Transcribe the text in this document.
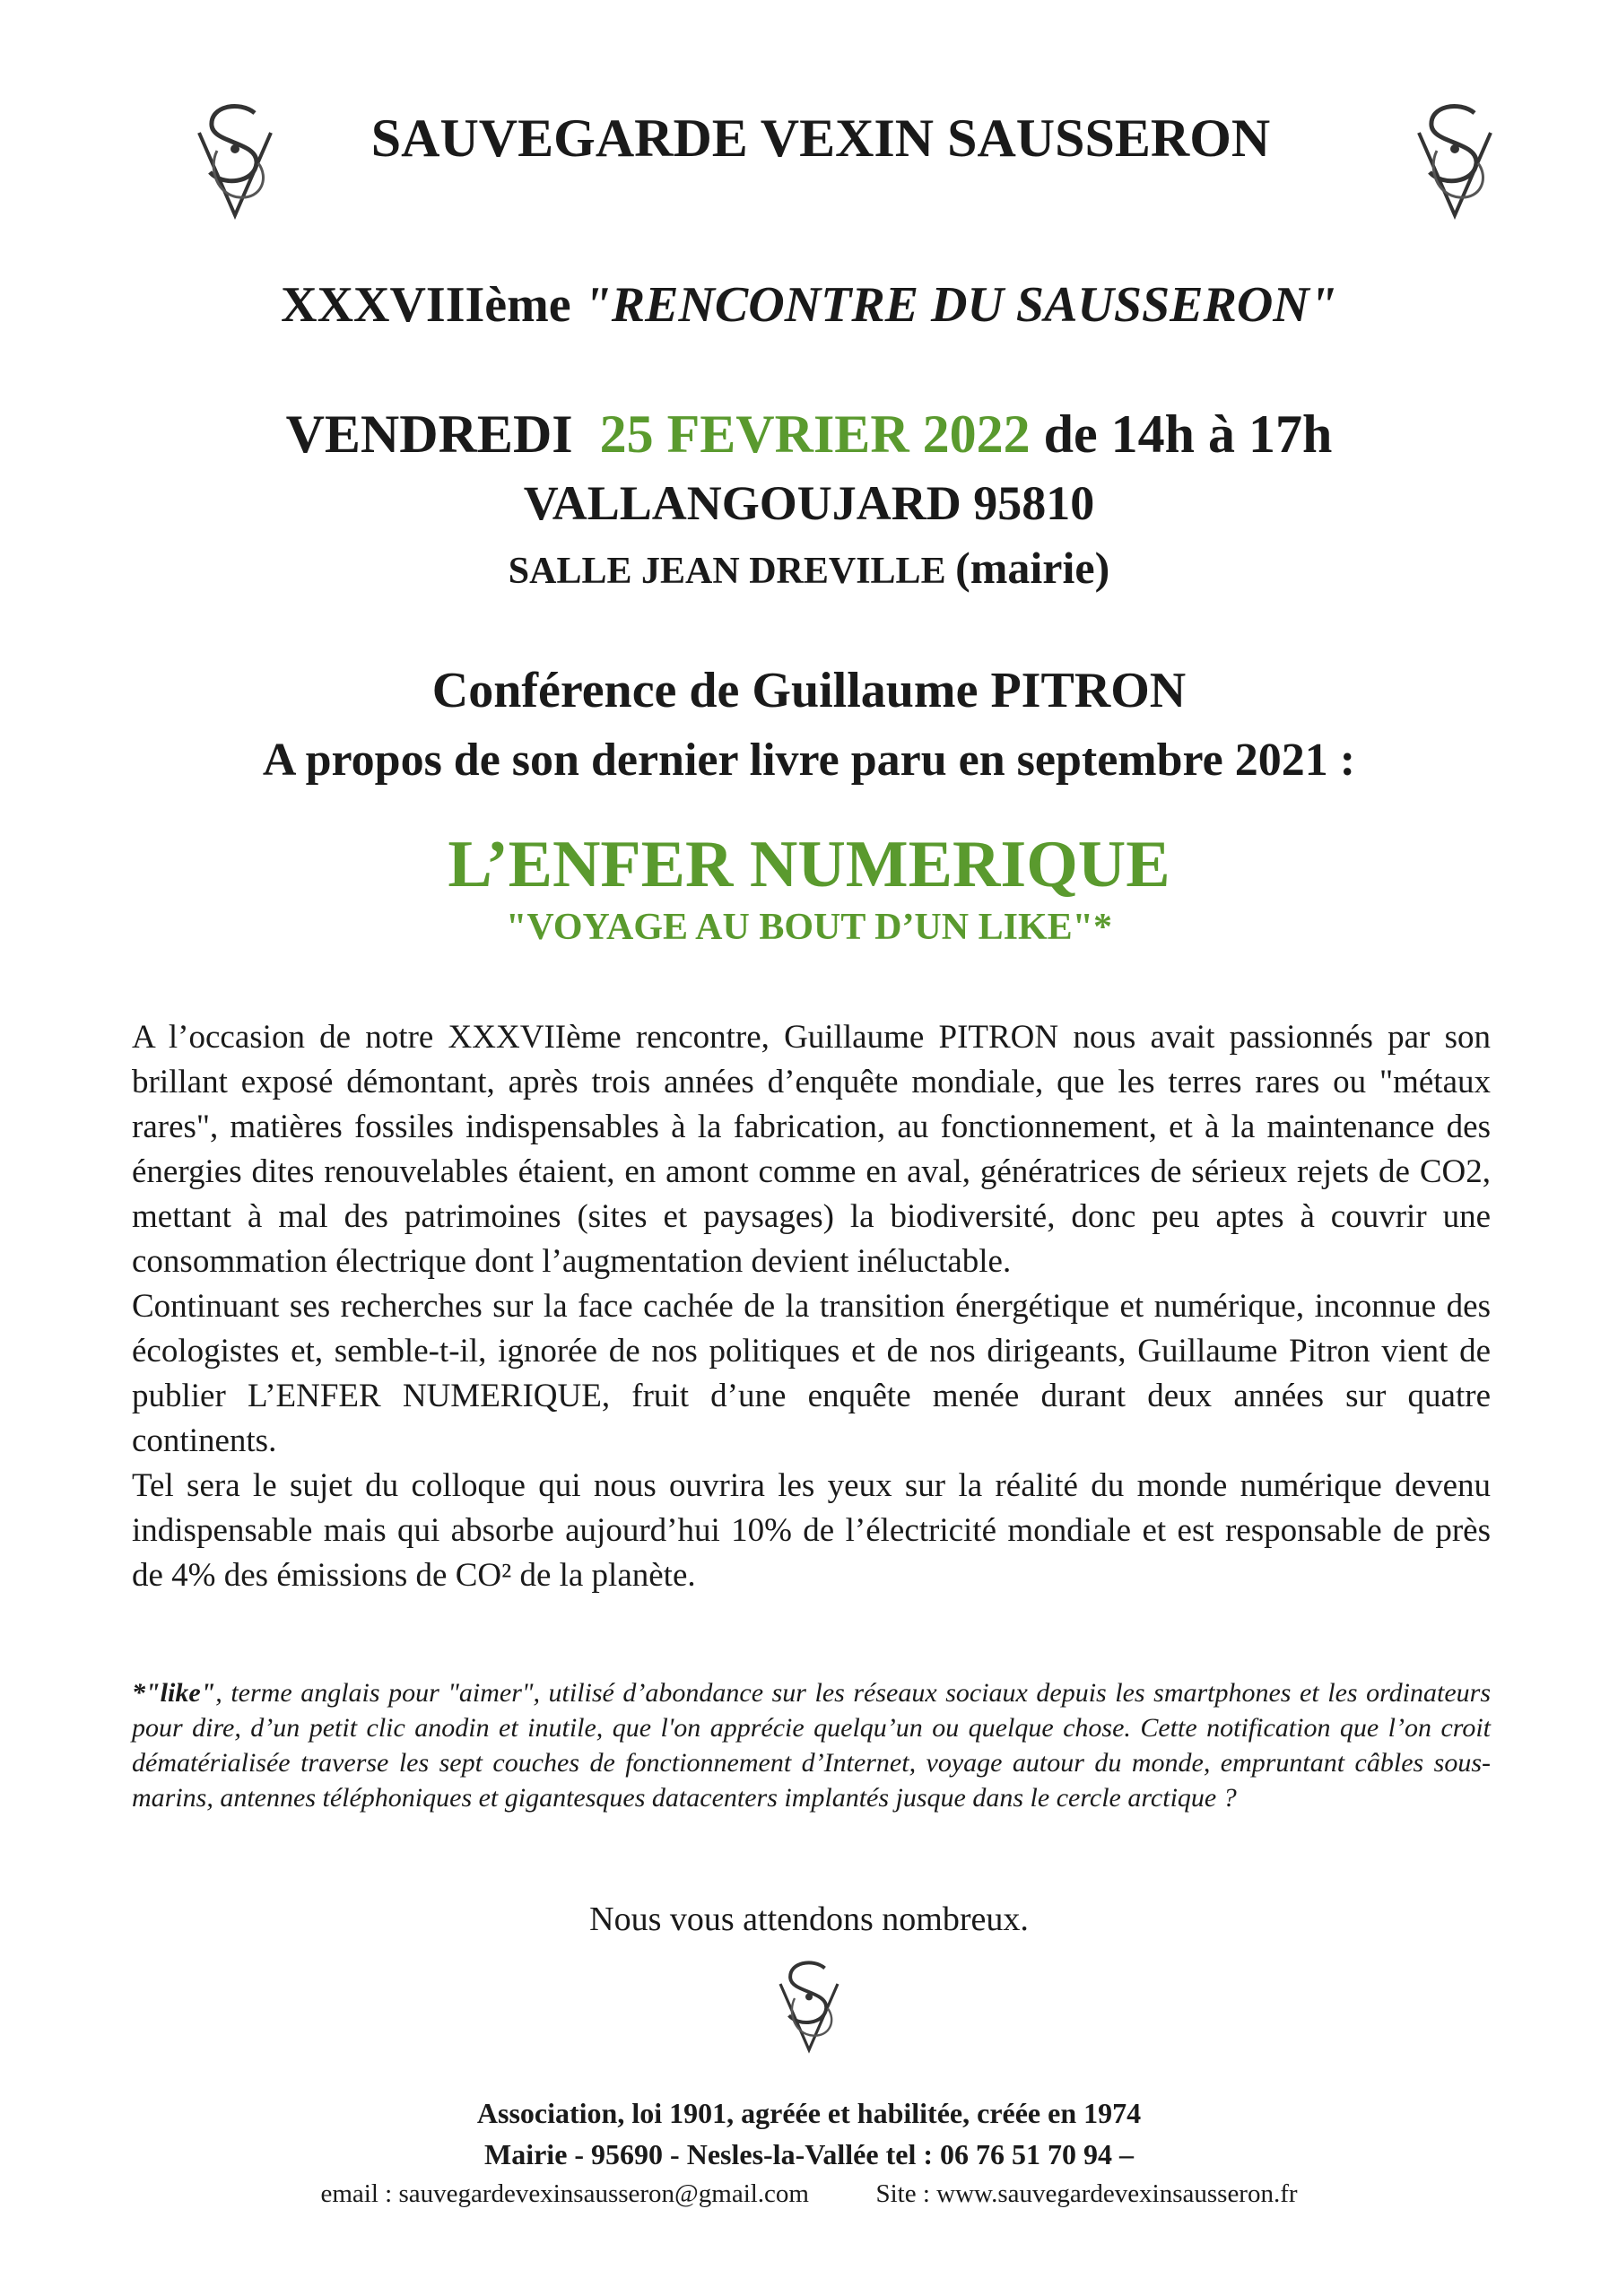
SAUVEGARDE VEXIN SAUSSERON
XXXVIIIème "RENCONTRE DU SAUSSERON"
VENDREDI 25 FEVRIER 2022 de 14h à 17h
VALLANGOUJARD 95810
SALLE JEAN DREVILLE (mairie)
Conférence de Guillaume PITRON
A propos de son dernier livre paru en septembre 2021 :
L’ENFER NUMERIQUE
"VOYAGE AU BOUT D’UN LIKE"*

A l’occasion de notre XXXVIIème rencontre, Guillaume PITRON nous avait passionnés par son brillant exposé démontant, après trois années d’enquête mondiale, que les terres rares ou "métaux rares", matières fossiles indispensables à la fabrication, au fonctionnement, et à la maintenance des énergies dites renouvelables étaient, en amont comme en aval, génératrices de sérieux rejets de CO2, mettant à mal des patrimoines (sites et paysages) la biodiversité, donc peu aptes à couvrir une consommation électrique dont l’augmentation devient inéluctable.

Continuant ses recherches sur la face cachée de la transition énergétique et numérique, inconnue des écologistes et, semble-t-il, ignorée de nos politiques et de nos dirigeants, Guillaume Pitron vient de publier L’ENFER NUMERIQUE, fruit d’une enquête menée durant deux années sur quatre continents.

Tel sera le sujet du colloque qui nous ouvrira les yeux sur la réalité du monde numérique devenu indispensable mais qui absorbe aujourd’hui 10% de l’électricité mondiale et est responsable de près de 4% des émissions de CO² de la planète.

*"like", terme anglais pour "aimer", utilisé d’abondance sur les réseaux sociaux depuis les smartphones et les ordinateurs pour dire, d’un petit clic anodin et inutile, que l'on apprécie quelqu’un ou quelque chose. Cette notification que l’on croit dématérialisée traverse les sept couches de fonctionnement d’Internet, voyage autour du monde, empruntant câbles sous-marins, antennes téléphoniques et gigantesques datacenters implantés jusque dans le cercle arctique ?

Nous vous attendons nombreux.
Association, loi 1901, agréée et habilitée, créée en 1974
Mairie - 95690 - Nesles-la-Vallée tel : 06 76 51 70 94 –
email : sauvegardevexinsausseron@gmail.com	Site : www.sauvegardevexinsausseron.fr
